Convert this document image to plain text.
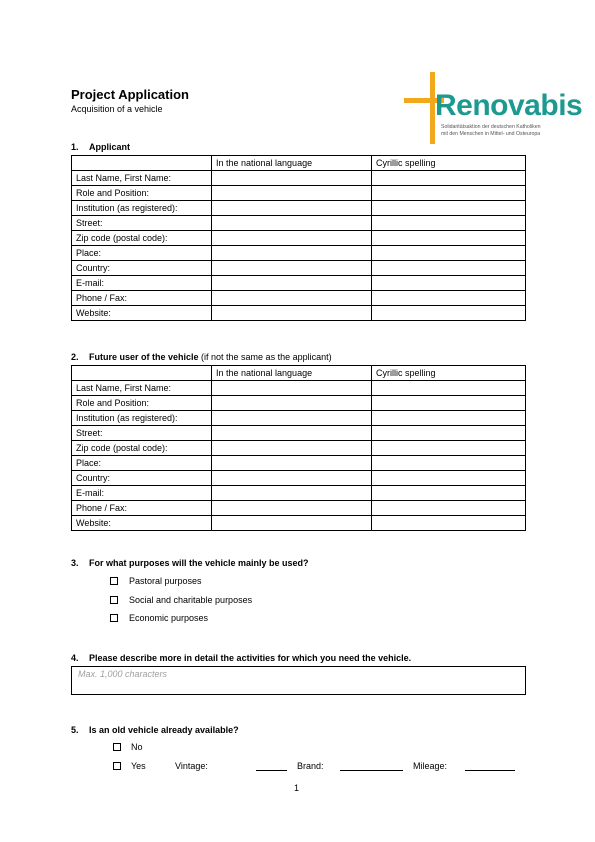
Project Application
Acquisition of a vehicle	Renovabis
Solidaritätsaktion der deutschen Katholiken
mit den Menschen in Mittel- und Osteuropa
1. Applicant
	In the national language	Cyrillic spelling
Last Name, First Name:		
Role and Position:		
Institution (as registered):		
Street:		
Zip code (postal code):		
Place:		
Country:		
E-mail:		
Phone / Fax:		
Website:		
2. Future user of the vehicle (if not the same as the applicant)
	In the national language	Cyrillic spelling
Last Name, First Name:		
Role and Position:		
Institution (as registered):		
Street:		
Zip code (postal code):		
Place:		
Country:		
E-mail:		
Phone / Fax:		
Website:		
3. For what purposes will the vehicle mainly be used?
Pastoral purposes
Social and charitable purposes
Economic purposes
4. Please describe more in detail the activities for which you need the vehicle.
Max. 1,000 characters
5. Is an old vehicle already available?
No
Yes	Vintage:	Brand:	Mileage:
1
